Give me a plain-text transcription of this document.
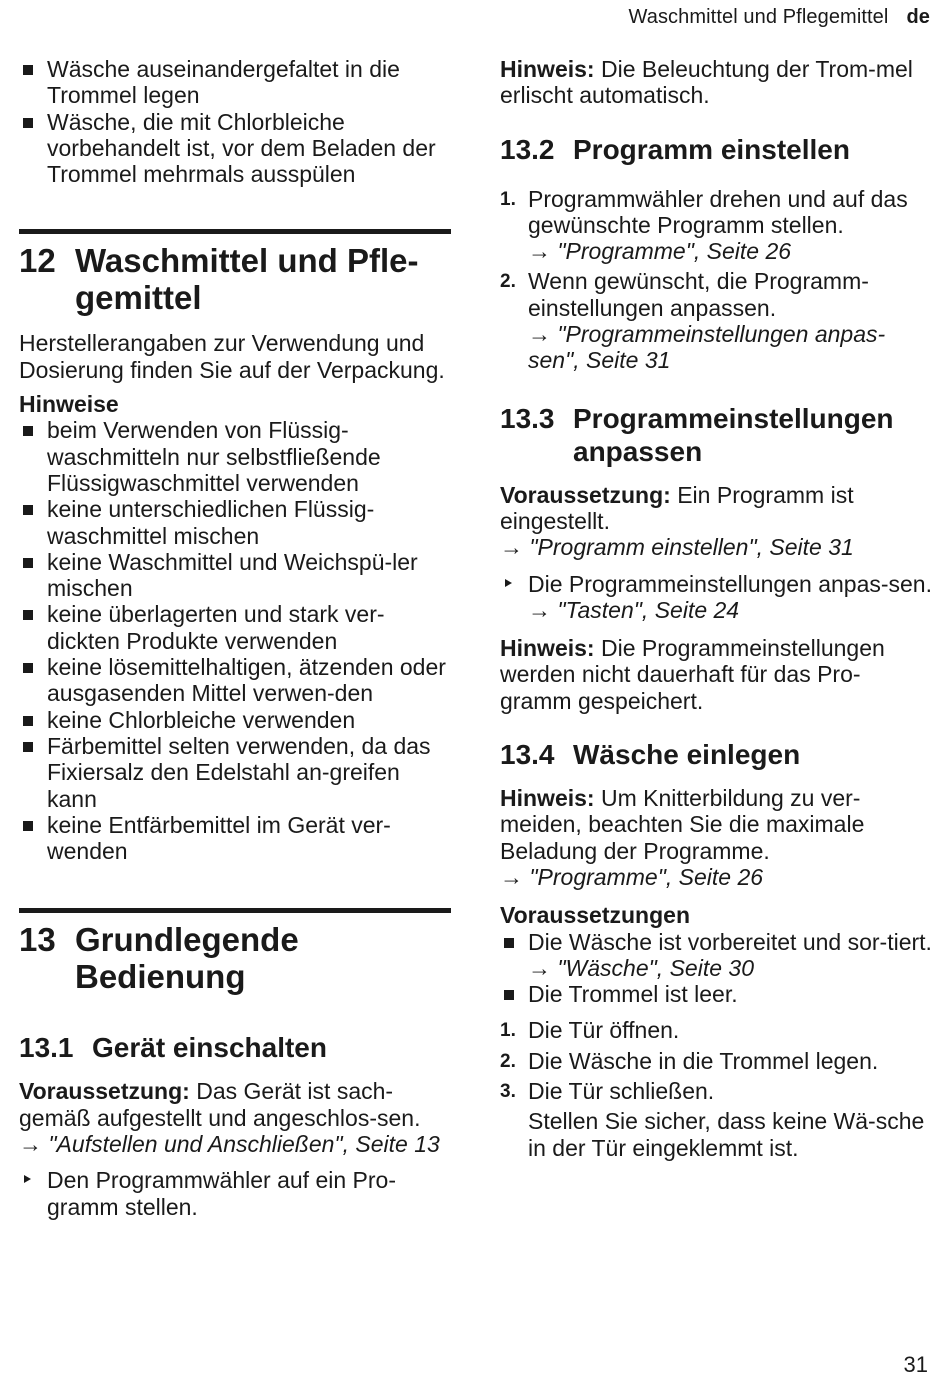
Waschmittel und Pflegemittel de
Wäsche auseinandergefaltet in die Trommel legen
Wäsche, die mit Chlorbleiche vorbehandelt ist, vor dem Beladen der Trommel mehrmals ausspülen
12 Waschmittel und Pfle-gemittel

Herstellerangaben zur Verwendung und Dosierung finden Sie auf der Verpackung.

Hinweise

beim Verwenden von Flüssig-waschmitteln nur selbstfließende Flüssigwaschmittel verwenden
keine unterschiedlichen Flüssig-waschmittel mischen
keine Waschmittel und Weichspü-ler mischen
keine überlagerten und stark ver-dickten Produkte verwenden
keine lösemittelhaltigen, ätzenden oder ausgasenden Mittel verwen-den
keine Chlorbleiche verwenden
Färbemittel selten verwenden, da das Fixiersalz den Edelstahl an-greifen kann
keine Entfärbemittel im Gerät ver-wenden
13 Grundlegende Bedienung
13.1 Gerät einschalten

Voraussetzung: Das Gerät ist sach-gemäß aufgestellt und angeschlos-sen.

→ "Aufstellen und Anschließen", Seite 13

Den Programmwähler auf ein Pro-gramm stellen.

Hinweis: Die Beleuchtung der Trom-mel erlischt automatisch.

13.2 Programm einstellen
1. Programmwähler drehen und auf das gewünschte Programm stellen.
→ "Programme", Seite 26
2. Wenn gewünscht, die Programm-einstellungen anpassen.
→ "Programmeinstellungen anpas-sen", Seite 31
13.3 Programmeinstellungen anpassen

Voraussetzung: Ein Programm ist eingestellt.

→ "Programm einstellen", Seite 31

Die Programmeinstellungen anpas-sen.
→ "Tasten", Seite 24

Hinweis: Die Programmeinstellungen werden nicht dauerhaft für das Pro-gramm gespeichert.

13.4 Wäsche einlegen

Hinweis: Um Knitterbildung zu ver-meiden, beachten Sie die maximale Beladung der Programme.

→ "Programme", Seite 26

Voraussetzungen

Die Wäsche ist vorbereitet und sor-tiert.
→ "Wäsche", Seite 30
Die Trommel ist leer.
1. Die Tür öffnen.
2. Die Wäsche in die Trommel legen.
3. Die Tür schließen.

Stellen Sie sicher, dass keine Wä-sche in der Tür eingeklemmt ist.

31
